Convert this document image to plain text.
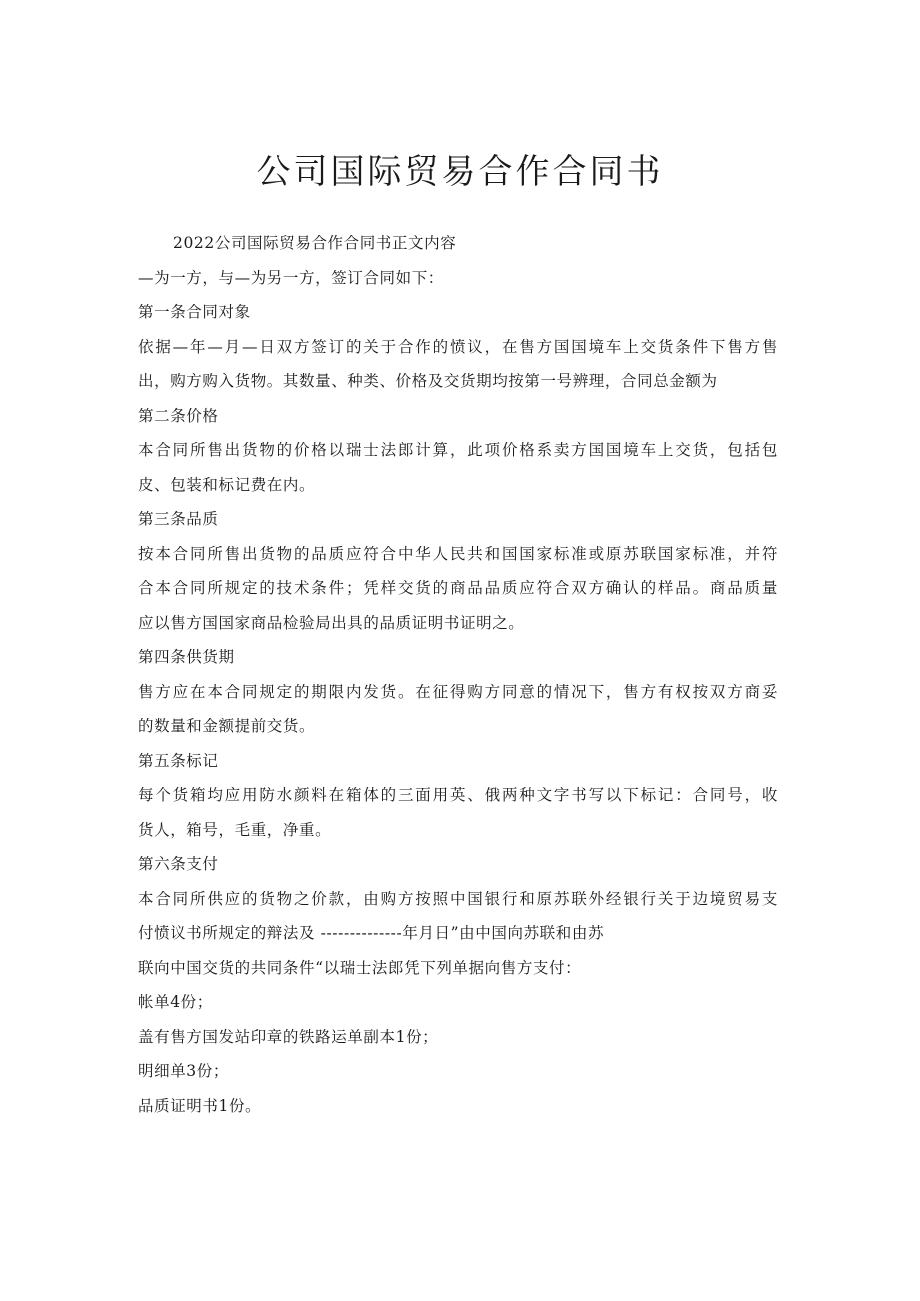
公司国际贸易合作合同书
2022公司国际贸易合作合同书正文内容
—为一方，与—为另一方，签订合同如下：
第一条合同对象
依据—年—月—日双方签订的关于合作的愤议，在售方国国境车上交货条件下售方售
出，购方购入货物。其数量、种类、价格及交货期均按第一号辨理，合同总金额为
第二条价格
本合同所售出货物的价格以瑞士法郎计算，此项价格系卖方国国境车上交货，包括包
皮、包装和标记费在内。
第三条品质
按本合同所售出货物的品质应符合中华人民共和国国家标准或原苏联国家标准，并符
合本合同所规定的技术条件；凭样交货的商品品质应符合双方确认的样品。商品质量
应以售方国国家商品检验局出具的品质证明书证明之。
第四条供货期
售方应在本合同规定的期限内发货。在征得购方同意的情况下，售方有权按双方商妥
的数量和金额提前交货。
第五条标记
每个货箱均应用防水颜料在箱体的三面用英、俄两种文字书写以下标记：合同号，收
货人，箱号，毛重，净重。
第六条支付
本合同所供应的货物之价款，由购方按照中国银行和原苏联外经银行关于边境贸易支
付愤议书所规定的辩法及 --------------年月日”由中国向苏联和由苏
联向中国交货的共同条件“以瑞士法郎凭下列单据向售方支付：
帐单4份；
盖有售方国发站印章的铁路运单副本1份；
明细单3份；
品质证明书1份。
